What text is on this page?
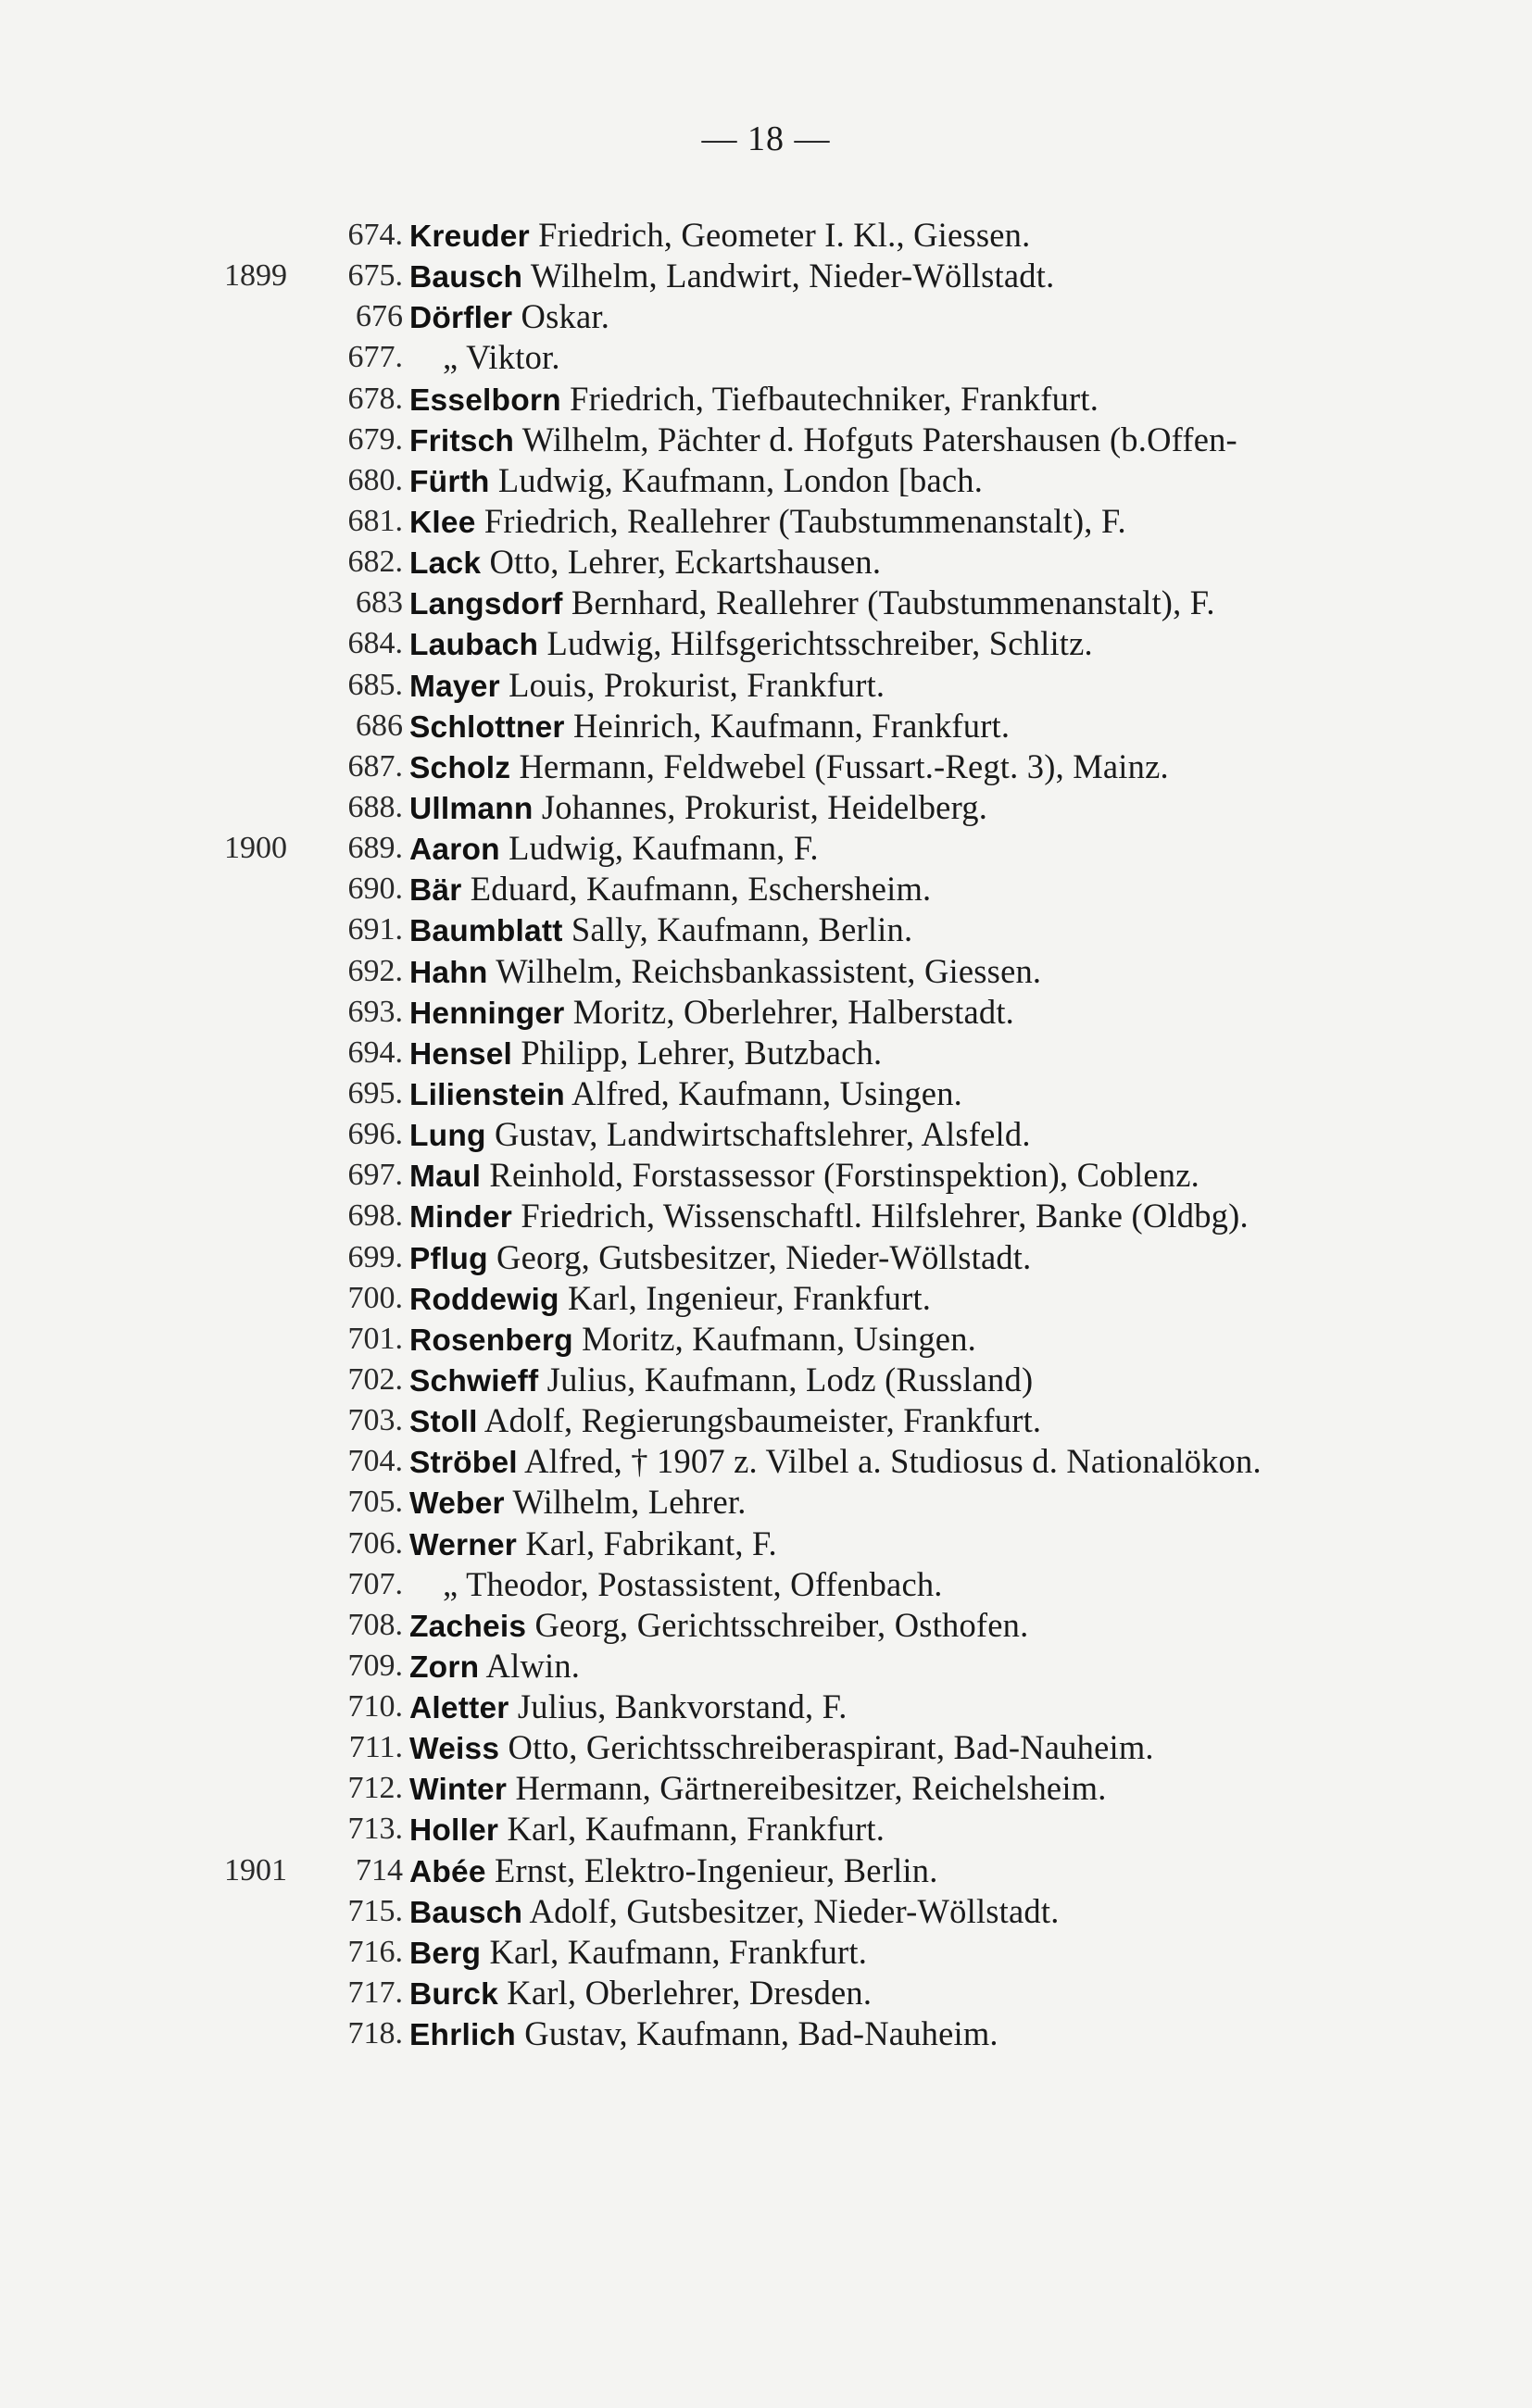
— 18 —
674. Kreuder Friedrich, Geometer I. Kl., Giessen.
1899	675. Bausch Wilhelm, Landwirt, Nieder-Wöllstadt.
676 Dörfler Oskar.
677.	„ Viktor.
678. Esselborn Friedrich, Tiefbautechniker, Frankfurt.
679. Fritsch Wilhelm, Pächter d. Hofguts Patershausen (b.Offen-
680. Fürth Ludwig, Kaufmann, London [bach.
681. Klee Friedrich, Reallehrer (Taubstummenanstalt), F.
682. Lack Otto, Lehrer, Eckartshausen.
683 Langsdorf Bernhard, Reallehrer (Taubstummenanstalt), F.
684. Laubach Ludwig, Hilfsgerichtsschreiber, Schlitz.
685. Mayer Louis, Prokurist, Frankfurt.
686 Schlottner Heinrich, Kaufmann, Frankfurt.
687. Scholz Hermann, Feldwebel (Fussart.-Regt. 3), Mainz.
688. Ullmann Johannes, Prokurist, Heidelberg.
1900	689. Aaron Ludwig, Kaufmann, F.
690. Bär Eduard, Kaufmann, Eschersheim.
691. Baumblatt Sally, Kaufmann, Berlin.
692. Hahn Wilhelm, Reichsbankassistent, Giessen.
693. Henninger Moritz, Oberlehrer, Halberstadt.
694. Hensel Philipp, Lehrer, Butzbach.
695. Lilienstein Alfred, Kaufmann, Usingen.
696. Lung Gustav, Landwirtschaftslehrer, Alsfeld.
697. Maul Reinhold, Forstassessor (Forstinspektion), Coblenz.
698. Minder Friedrich, Wissenschaftl. Hilfslehrer, Banke (Oldbg).
699. Pflug Georg, Gutsbesitzer, Nieder-Wöllstadt.
700. Roddewig Karl, Ingenieur, Frankfurt.
701. Rosenberg Moritz, Kaufmann, Usingen.
702. Schwieff Julius, Kaufmann, Lodz (Russland)
703. Stoll Adolf, Regierungsbaumeister, Frankfurt.
704. Ströbel Alfred, † 1907 z. Vilbel a. Studiosus d. Nationalökon.
705. Weber Wilhelm, Lehrer.
706. Werner Karl, Fabrikant, F.
707.	„ Theodor, Postassistent, Offenbach.
708. Zacheis Georg, Gerichtsschreiber, Osthofen.
709. Zorn Alwin.
710. Aletter Julius, Bankvorstand, F.
711. Weiss Otto, Gerichtsschreiberaspirant, Bad-Nauheim.
712. Winter Hermann, Gärtnereibesitzer, Reichelsheim.
713. Holler Karl, Kaufmann, Frankfurt.
1901	714 Abée Ernst, Elektro-Ingenieur, Berlin.
715. Bausch Adolf, Gutsbesitzer, Nieder-Wöllstadt.
716. Berg Karl, Kaufmann, Frankfurt.
717. Burck Karl, Oberlehrer, Dresden.
718. Ehrlich Gustav, Kaufmann, Bad-Nauheim.
